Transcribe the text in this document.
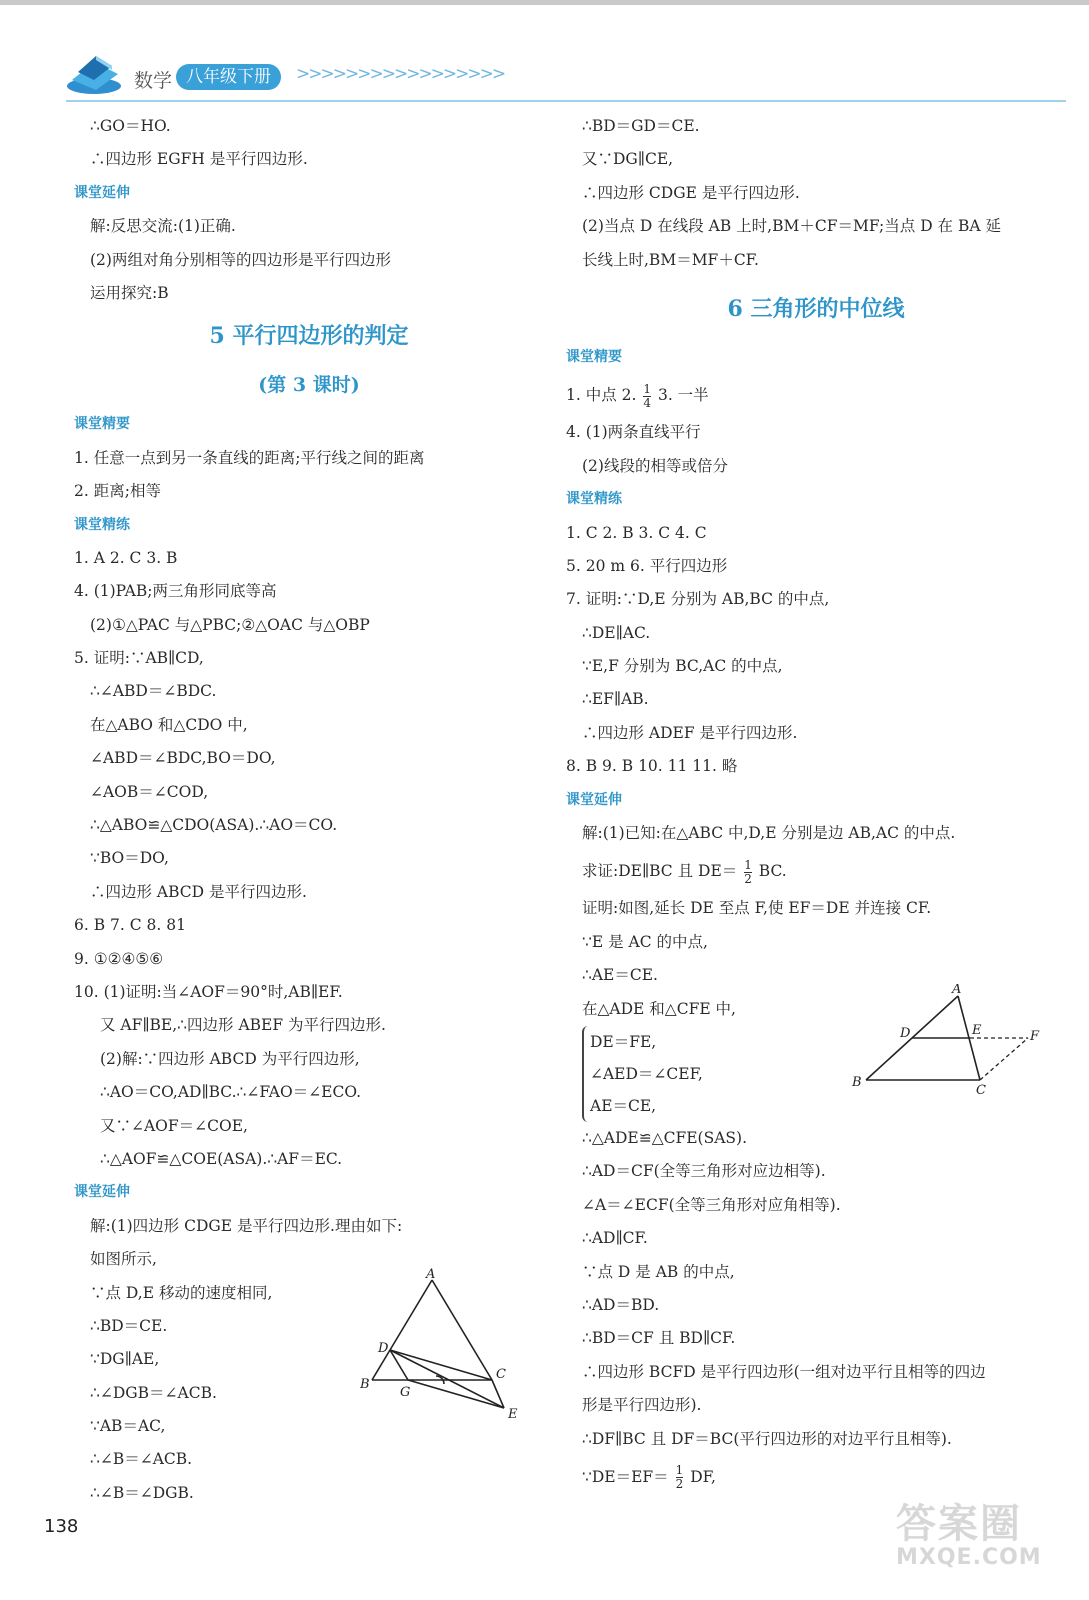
数学 八年级下册	>>>>>>>>>>>>>>>>>
∴GO＝HO.
∴四边形 EGFH 是平行四边形.
课堂延伸
解:反思交流:(1)正确.
(2)两组对角分别相等的四边形是平行四边形
运用探究:B
5 平行四边形的判定
(第 3 课时)
课堂精要
1. 任意一点到另一条直线的距离;平行线之间的距离
2. 距离;相等
课堂精练
1. A 2. C 3. B
4. (1)PAB;两三角形同底等高
(2)①△PAC 与△PBC;②△OAC 与△OBP
5. 证明:∵AB∥CD,
∴∠ABD＝∠BDC.
在△ABO 和△CDO 中,
∠ABD＝∠BDC,BO＝DO,
∠AOB＝∠COD,
∴△ABO≌△CDO(ASA).∴AO＝CO.
∵BO＝DO,
∴四边形 ABCD 是平行四边形.
6. B 7. C 8. 81
9. ①②④⑤⑥
10. (1)证明:当∠AOF＝90°时,AB∥EF.
又 AF∥BE,∴四边形 ABEF 为平行四边形.
(2)解:∵四边形 ABCD 为平行四边形,
∴AO＝CO,AD∥BC.∴∠FAO＝∠ECO.
又∵∠AOF＝∠COE,
∴△AOF≌△COE(ASA).∴AF＝EC.
课堂延伸
解:(1)四边形 CDGE 是平行四边形.理由如下:
如图所示,
∵点 D,E 移动的速度相同,
∴BD＝CE.
∵DG∥AE,
∴∠DGB＝∠ACB.
∵AB＝AC,
∴∠B＝∠ACB.
∴∠B＝∠DGB.
A
D
C
B
G
E
∴BD＝GD＝CE.
又∵DG∥CE,
∴四边形 CDGE 是平行四边形.
(2)当点 D 在线段 AB 上时,BM＋CF＝MF;当点 D 在 BA 延
长线上时,BM＝MF＋CF.
6 三角形的中位线
课堂精要
1. 中点 2. $\frac{1}{4} 3$. 一半
4. (1)两条直线平行
(2)线段的相等或倍分
课堂精练
1. C 2. B 3. C 4. C
5. 20 m 6. 平行四边形
7. 证明:∵D,E 分别为 AB,BC 的中点,
∴DE∥AC.
∵E,F 分别为 BC,AC 的中点,
∴EF∥AB.
∴四边形 ADEF 是平行四边形.
8. B 9. B 10. 11 11. 略
课堂延伸
解:(1)已知:在△ABC 中,D,E 分别是边 AB,AC 的中点.
求证:DE∥BC 且 $DE= \frac{1}{2}$ BC.
证明:如图,延长 DE 至点 F,使 EF＝DE 并连接 CF.
∵E 是 AC 的中点,
∴AE＝CE.
在△ADE 和△CFE 中,
DE＝FE,
∠AED＝∠CEF,
AE＝CE,
∴△ADE≌△CFE(SAS).
∴AD＝CF(全等三角形对应边相等).
∠A＝∠ECF(全等三角形对应角相等).
∴AD∥CF.
∵点 D 是 AB 的中点,
∴AD＝BD.
∴BD＝CF 且 BD∥CF.
∴四边形 BCFD 是平行四边形(一组对边平行且相等的四边
形是平行四边形).
∴DF∥BC 且 DF＝BC(平行四边形的对边平行且相等).
∵DE＝EF＝ $\frac{1}{2}$ DF,
A
D	E	F
B
C
138	答案圈
MXQE.COM
